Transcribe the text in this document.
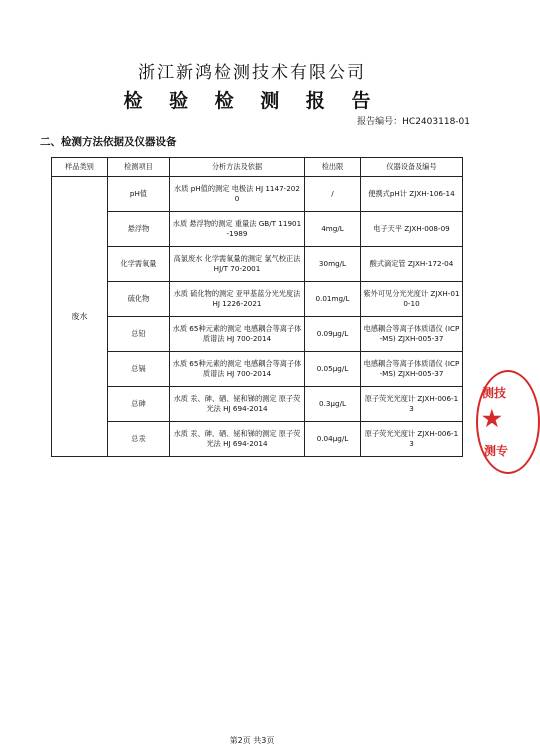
浙江新鸿检测技术有限公司
检 验 检 测 报 告
报告编号：HC2403118-01
二、检测方法依据及仪器设备
样品类别	检测项目	分析方法及依据	检出限	仪器设备及编号
废水	pH值	水质 pH值的测定 电极法 HJ 1147-2020	/	便携式pH计 ZJXH-106-14
	悬浮物	水质 悬浮物的测定 重量法 GB/T 11901-1989	4mg/L	电子天平 ZJXH-008-09
	化学需氧量	高氯废水 化学需氧量的测定 氯气校正法 HJ/T 70-2001	30mg/L	酸式滴定管 ZJXH-172-04
	硫化物	水质 硫化物的测定 亚甲基蓝分光光度法 HJ 1226-2021	0.01mg/L	紫外可见分光光度计 ZJXH-010-10
	总铅	水质 65种元素的测定 电感耦合等离子体质谱法 HJ 700-2014	0.09μg/L	电感耦合等离子体质谱仪 (ICP-MS) ZJXH-005-37
	总镉	水质 65种元素的测定 电感耦合等离子体质谱法 HJ 700-2014	0.05μg/L	电感耦合等离子体质谱仪 (ICP-MS) ZJXH-005-37
	总砷	水质 汞、砷、硒、铋和锑的测定 原子荧光法 HJ 694-2014	0.3μg/L	原子荧光光度计 ZJXH-006-13
	总汞	水质 汞、砷、硒、铋和锑的测定 原子荧光法 HJ 694-2014	0.04μg/L	原子荧光光度计 ZJXH-006-13
测技
★
测专
第2页 共3页
